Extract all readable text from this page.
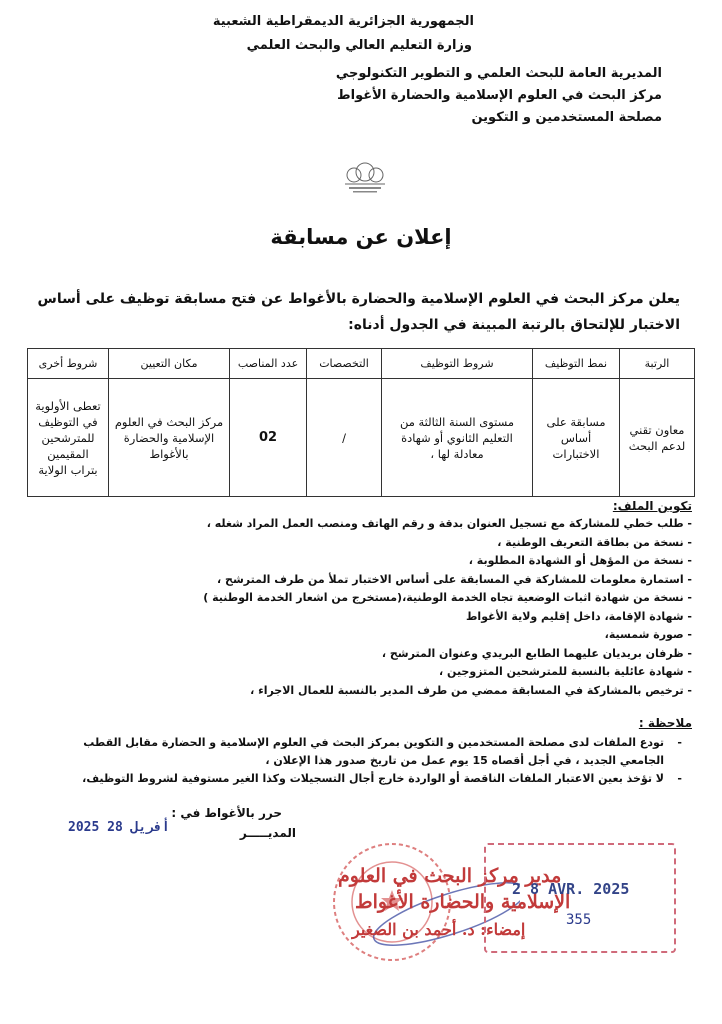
الجمهورية الجزائرية الديمقراطية الشعبية
وزارة التعليم العالي والبحث العلمي
المديرية العامة للبحث العلمي و التطوير التكنولوجي
مركز البحث في العلوم الإسلامية والحضارة الأغواط
مصلحة المستخدمين و التكوين
إعلان عن مسابقة
يعلن مركز البحث في العلوم الإسلامية والحضارة بالأغواط عن فتح مسابقة توظيف على أساس الاختبار للإلتحاق بالرتبة المبينة في الجدول أدناه:
الرتبة	نمط التوظيف	شروط التوظيف	التخصصات	عدد المناصب	مكان التعيين	شروط أخرى
معاون تقني لدعم البحث	مسابقة على أساس الاختبارات	مستوى السنة الثالثة من التعليم الثانوي أو شهادة معادلة لها ،	/	02	مركز البحث في العلوم الإسلامية والحضارة بالأغواط	تعطى الأولوية في التوظيف للمترشحين المقيمين بتراب الولاية
تكوين الملف:
- طلب خطي للمشاركة مع تسجيل العنوان بدقة و رقم الهاتف ومنصب العمل المراد شغله ،
- نسخة من بطاقة التعريف الوطنية ،
- نسخة من المؤهل أو الشهادة المطلوبة ،
- استمارة معلومات للمشاركة في المسابقة على أساس الاختبار تملأ من طرف المترشح ،
- نسخة من شهادة اثبات الوضعية تجاه الخدمة الوطنية،(مستخرج من اشعار الخدمة الوطنية )
- شهادة الإقامة، داخل إقليم ولاية الأغواط
- صورة شمسية،
- ظرفان بريديان عليهما الطابع البريدي وعنوان المترشح ،
- شهادة عائلية بالنسبة للمترشحين المتزوجين ،
- ترخيص بالمشاركة في المسابقة ممضي من طرف المدير بالنسبة للعمال الاجراء ،
ملاحظة :
- تودع الملفات لدى مصلحة المستخدمين و التكوين بمركز البحث في العلوم الإسلامية و الحضارة مقابل القطب الجامعي الجديد ، في أجل أقصاه 15 يوم عمل من تاريخ صدور هذا الإعلان ،
- لا تؤخذ بعين الاعتبار الملفات الناقصة أو الواردة خارج أجال التسجيلات وكذا الغير مستوفية لشروط التوظيف،
حرر بالأغواط في :
2025 أفريل 28	المديـــــر
مدير مركز البحث في العلوم
الإسلامية والحضارة الأغواط
إمضاء: د. أحمد بن الصغير
2 8 AVR. 2025
355
